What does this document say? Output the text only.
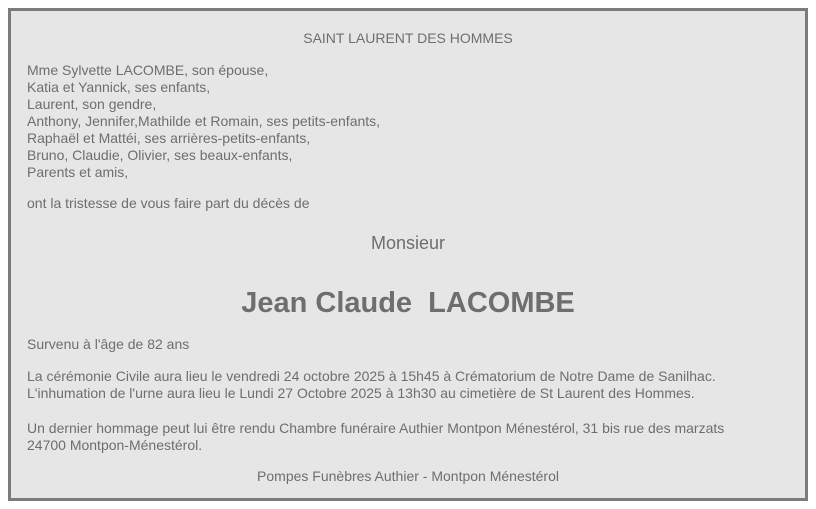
SAINT LAURENT DES HOMMES
Mme Sylvette LACOMBE, son épouse,
Katia et Yannick, ses enfants,
Laurent, son gendre,
Anthony, Jennifer,Mathilde et Romain, ses petits-enfants,
Raphaël et Mattéi, ses arrières-petits-enfants,
Bruno, Claudie, Olivier, ses beaux-enfants,
Parents et amis,
ont la tristesse de vous faire part du décès de
Monsieur
Jean Claude  LACOMBE
Survenu à l'âge de 82 ans
La cérémonie Civile aura lieu le vendredi 24 octobre 2025 à 15h45 à Crématorium de Notre Dame de Sanilhac.
L'inhumation de l'urne aura lieu le Lundi 27 Octobre 2025 à 13h30 au cimetière de St Laurent des Hommes.
Un dernier hommage peut lui être rendu Chambre funéraire Authier Montpon Ménestérol, 31 bis rue des marzats
24700 Montpon-Ménestérol.
Pompes Funèbres Authier - Montpon Ménestérol
